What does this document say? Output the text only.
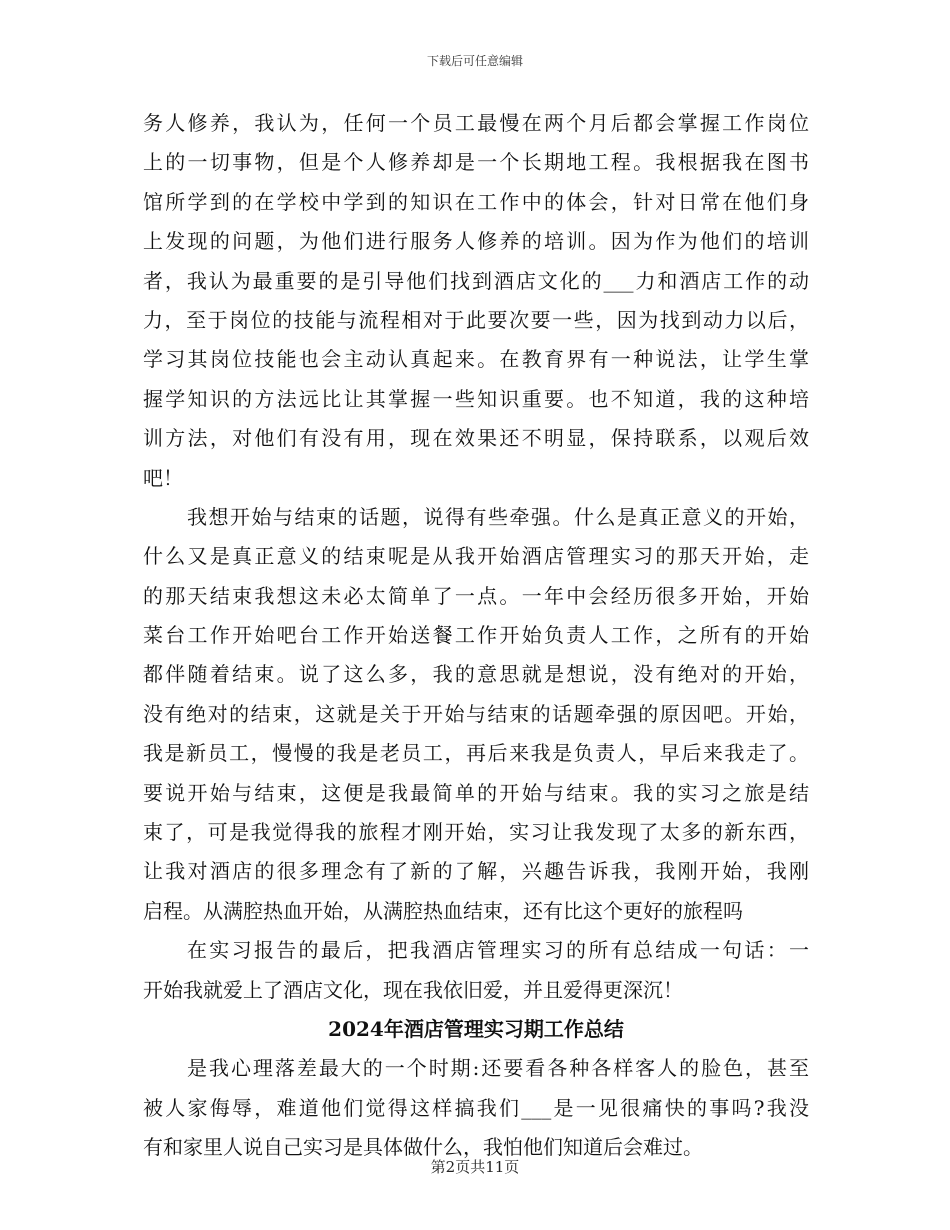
下载后可任意编辑
务人修养，我认为，任何一个员工最慢在两个月后都会掌握工作岗位
上的一切事物，但是个人修养却是一个长期地工程。我根据我在图书
馆所学到的在学校中学到的知识在工作中的体会，针对日常在他们身
上发现的问题，为他们进行服务人修养的培训。因为作为他们的培训
者，我认为最重要的是引导他们找到酒店文化的___力和酒店工作的动
力，至于岗位的技能与流程相对于此要次要一些，因为找到动力以后，
学习其岗位技能也会主动认真起来。在教育界有一种说法，让学生掌
握学知识的方法远比让其掌握一些知识重要。也不知道，我的这种培
训方法，对他们有没有用，现在效果还不明显，保持联系，以观后效
吧！
我想开始与结束的话题，说得有些牵强。什么是真正意义的开始，
什么又是真正意义的结束呢是从我开始酒店管理实习的那天开始，走
的那天结束我想这未必太简单了一点。一年中会经历很多开始，开始
菜台工作开始吧台工作开始送餐工作开始负责人工作，之所有的开始
都伴随着结束。说了这么多，我的意思就是想说，没有绝对的开始，
没有绝对的结束，这就是关于开始与结束的话题牵强的原因吧。开始，
我是新员工，慢慢的我是老员工，再后来我是负责人，早后来我走了。
要说开始与结束，这便是我最简单的开始与结束。我的实习之旅是结
束了，可是我觉得我的旅程才刚开始，实习让我发现了太多的新东西，
让我对酒店的很多理念有了新的了解，兴趣告诉我，我刚开始，我刚
启程。从满腔热血开始，从满腔热血结束，还有比这个更好的旅程吗
在实习报告的最后，把我酒店管理实习的所有总结成一句话：一
开始我就爱上了酒店文化，现在我依旧爱，并且爱得更深沉！
2024年酒店管理实习期工作总结
是我心理落差最大的一个时期:还要看各种各样客人的脸色，甚至
被人家侮辱，难道他们觉得这样搞我们___是一见很痛快的事吗?我没
有和家里人说自己实习是具体做什么，我怕他们知道后会难过。
第2页共11页
